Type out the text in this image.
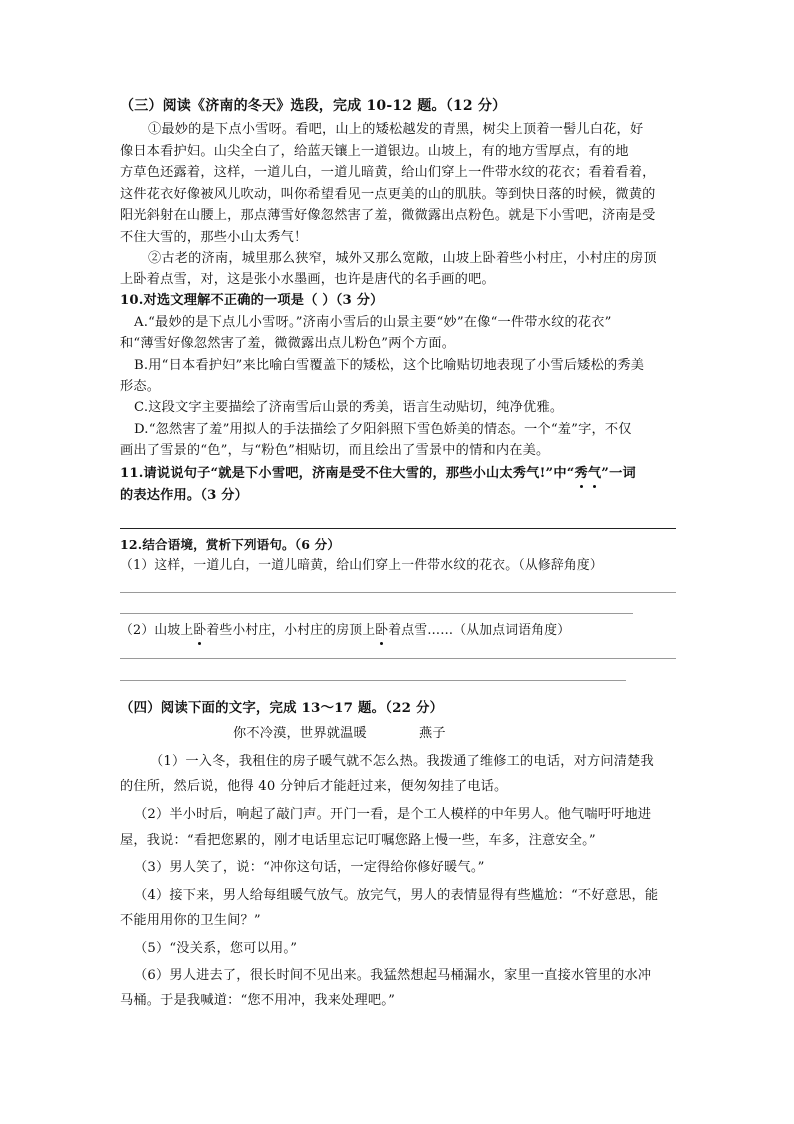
（三）阅读《济南的冬天》选段，完成 10-12 题。（12 分）
①最妙的是下点小雪呀。看吧，山上的矮松越发的青黑，树尖上顶着一髻儿白花，好
像日本看护妇。山尖全白了，给蓝天镶上一道银边。山坡上，有的地方雪厚点，有的地
方草色还露着，这样，一道儿白，一道儿暗黄，给山们穿上一件带水纹的花衣；看着看着，
这件花衣好像被风儿吹动，叫你希望看见一点更美的山的肌肤。等到快日落的时候，微黄的
阳光斜射在山腰上，那点薄雪好像忽然害了羞，微微露出点粉色。就是下小雪吧，济南是受
不住大雪的，那些小山太秀气！
②古老的济南，城里那么狭窄，城外又那么宽敞，山坡上卧着些小村庄，小村庄的房顶
上卧着点雪，对，这是张小水墨画，也许是唐代的名手画的吧。
10.对选文理解不正确的一项是（ ）（3 分）
A.“最妙的是下点儿小雪呀。”济南小雪后的山景主要“妙”在像“一件带水纹的花衣”
和“薄雪好像忽然害了羞，微微露出点儿粉色”两个方面。
B.用“日本看护妇”来比喻白雪覆盖下的矮松，这个比喻贴切地表现了小雪后矮松的秀美
形态。
C.这段文字主要描绘了济南雪后山景的秀美，语言生动贴切，纯净优雅。
D.“忽然害了羞”用拟人的手法描绘了夕阳斜照下雪色娇美的情态。一个“羞”字，不仅
画出了雪景的“色”，与“粉色”相贴切，而且绘出了雪景中的情和内在美。
11.请说说句子“就是下小雪吧，济南是受不住大雪的，那些小山太秀气!”中“秀气”一词
的表达作用。（3 分）
12.结合语境，赏析下列语句。（6 分）
（1）这样，一道儿白，一道儿暗黄，给山们穿上一件带水纹的花衣。（从修辞角度）
（2）山坡上卧着些小村庄，小村庄的房顶上卧着点雪……（从加点词语角度）
（四）阅读下面的文字，完成 13～17 题。（22 分）
你不冷漠，世界就温暖	燕子
（1）一入冬，我租住的房子暖气就不怎么热。我拨通了维修工的电话，对方问清楚我
的住所，然后说，他得 40 分钟后才能赶过来，便匆匆挂了电话。
（2）半小时后，响起了敲门声。开门一看，是个工人模样的中年男人。他气喘吁吁地进
屋，我说：“看把您累的，刚才电话里忘记叮嘱您路上慢一些，车多，注意安全。”
（3）男人笑了，说：“冲你这句话，一定得给你修好暖气。”
（4）接下来，男人给每组暖气放气。放完气，男人的表情显得有些尴尬：“不好意思，能
不能用用你的卫生间？”
（5）“没关系，您可以用。”
（6）男人进去了，很长时间不见出来。我猛然想起马桶漏水，家里一直接水管里的水冲
马桶。于是我喊道：“您不用冲，我来处理吧。”
